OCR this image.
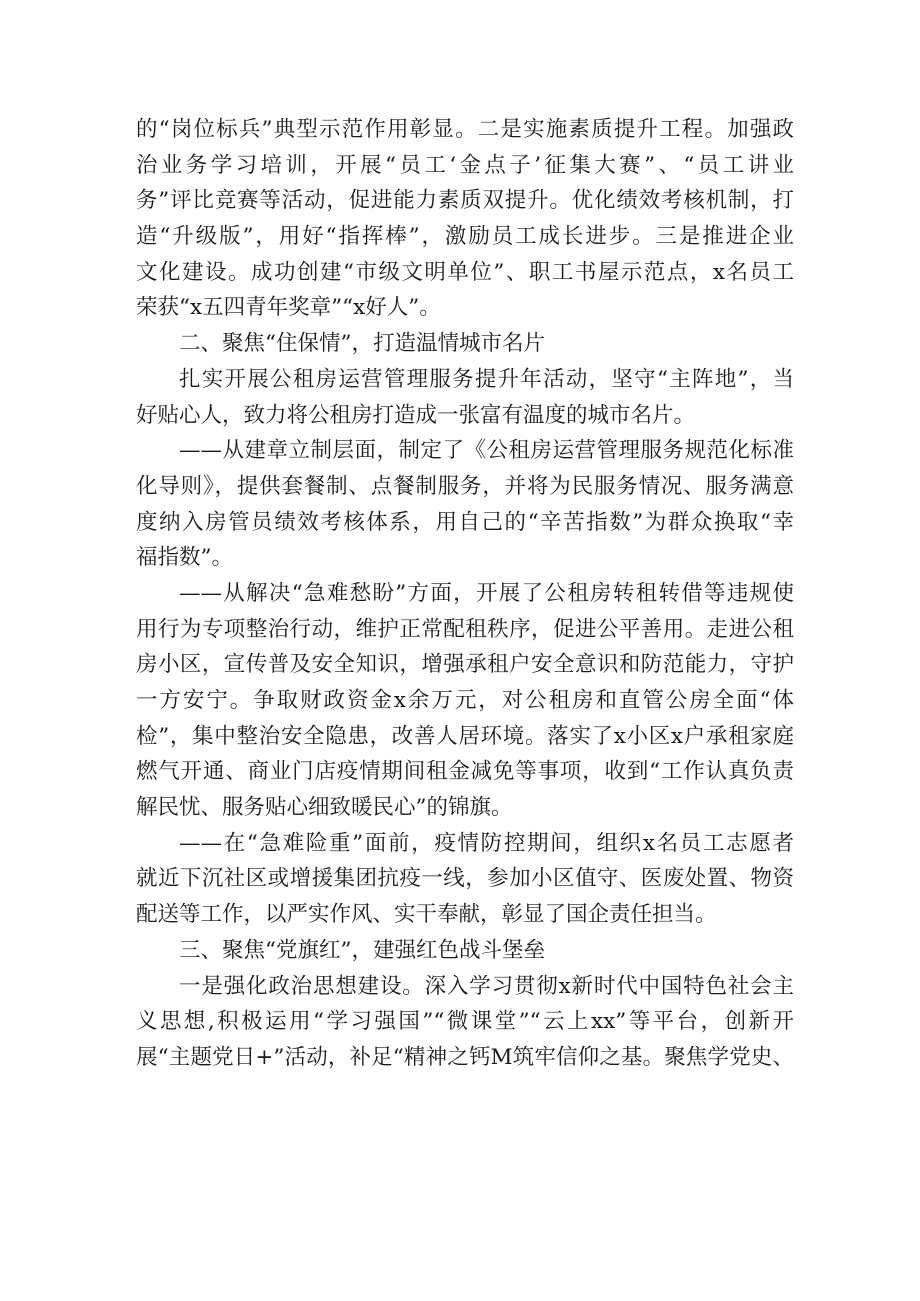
的“岗位标兵”典型示范作用彰显。二是实施素质提升工程。加强政
治业务学习培训，开展“员工‘金点子’征集大赛”、“员工讲业
务”评比竞赛等活动，促进能力素质双提升。优化绩效考核机制，打
造“升级版”，用好“指挥棒”，激励员工成长进步。三是推进企业
文化建设。成功创建“市级文明单位”、职工书屋示范点，x名员工
荣获“x五四青年奖章”“x好人”。
二、聚焦“住保情”，打造温情城市名片
扎实开展公租房运营管理服务提升年活动，坚守“主阵地”，当
好贴心人，致力将公租房打造成一张富有温度的城市名片。
——从建章立制层面，制定了《公租房运营管理服务规范化标准
化导则》，提供套餐制、点餐制服务，并将为民服务情况、服务满意
度纳入房管员绩效考核体系，用自己的“辛苦指数”为群众换取“幸
福指数”。
——从解决“急难愁盼”方面，开展了公租房转租转借等违规使
用行为专项整治行动，维护正常配租秩序，促进公平善用。走进公租
房小区，宣传普及安全知识，增强承租户安全意识和防范能力，守护
一方安宁。争取财政资金x余万元，对公租房和直管公房全面“体
检”，集中整治安全隐患，改善人居环境。落实了x小区x户承租家庭
燃气开通、商业门店疫情期间租金减免等事项，收到“工作认真负责
解民忧、服务贴心细致暖民心”的锦旗。
——在“急难险重”面前，疫情防控期间，组织x名员工志愿者
就近下沉社区或增援集团抗疫一线，参加小区值守、医废处置、物资
配送等工作，以严实作风、实干奉献，彰显了国企责任担当。
三、聚焦“党旗红”，建强红色战斗堡垒
一是强化政治思想建设。深入学习贯彻x新时代中国特色社会主
义思想,积极运用“学习强国”“微课堂”“云上xx”等平台，创新开
展“主题党日+”活动，补足“精神之钙M筑牢信仰之基。聚焦学党史、
